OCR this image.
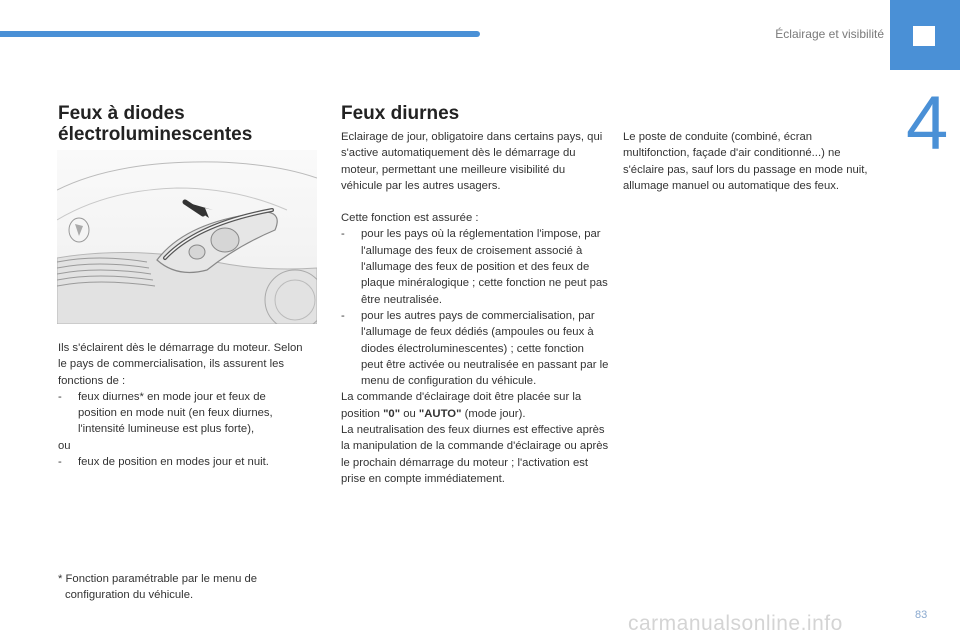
Éclairage et visibilité
4
Feux à diodes électroluminescentes

Ils s'éclairent dès le démarrage du moteur. Selon le pays de commercialisation, ils assurent les fonctions de :

- feux diurnes* en mode jour et feux de position en mode nuit (en feux diurnes, l'intensité lumineuse est plus forte),

ou

- feux de position en modes jour et nuit.

* Fonction paramétrable par le menu de configuration du véhicule.
Feux diurnes

Eclairage de jour, obligatoire dans certains pays, qui s'active automatiquement dès le démarrage du moteur, permettant une meilleure visibilité du véhicule par les autres usagers.

Cette fonction est assurée :

- pour les pays où la réglementation l'impose, par l'allumage des feux de croisement associé à l'allumage des feux de position et des feux de plaque minéralogique ; cette fonction ne peut pas être neutralisée.

- pour les autres pays de commercialisation, par l'allumage de feux dédiés (ampoules ou feux à diodes électroluminescentes) ; cette fonction peut être activée ou neutralisée en passant par le menu de configuration du véhicule.

La commande d'éclairage doit être placée sur la position "0" ou "AUTO" (mode jour).

La neutralisation des feux diurnes est effective après la manipulation de la commande d'éclairage ou après le prochain démarrage du moteur ; l'activation est prise en compte immédiatement.

Le poste de conduite (combiné, écran multifonction, façade d'air conditionné...) ne s'éclaire pas, sauf lors du passage en mode nuit, allumage manuel ou automatique des feux.

carmanualsonline.info	83
